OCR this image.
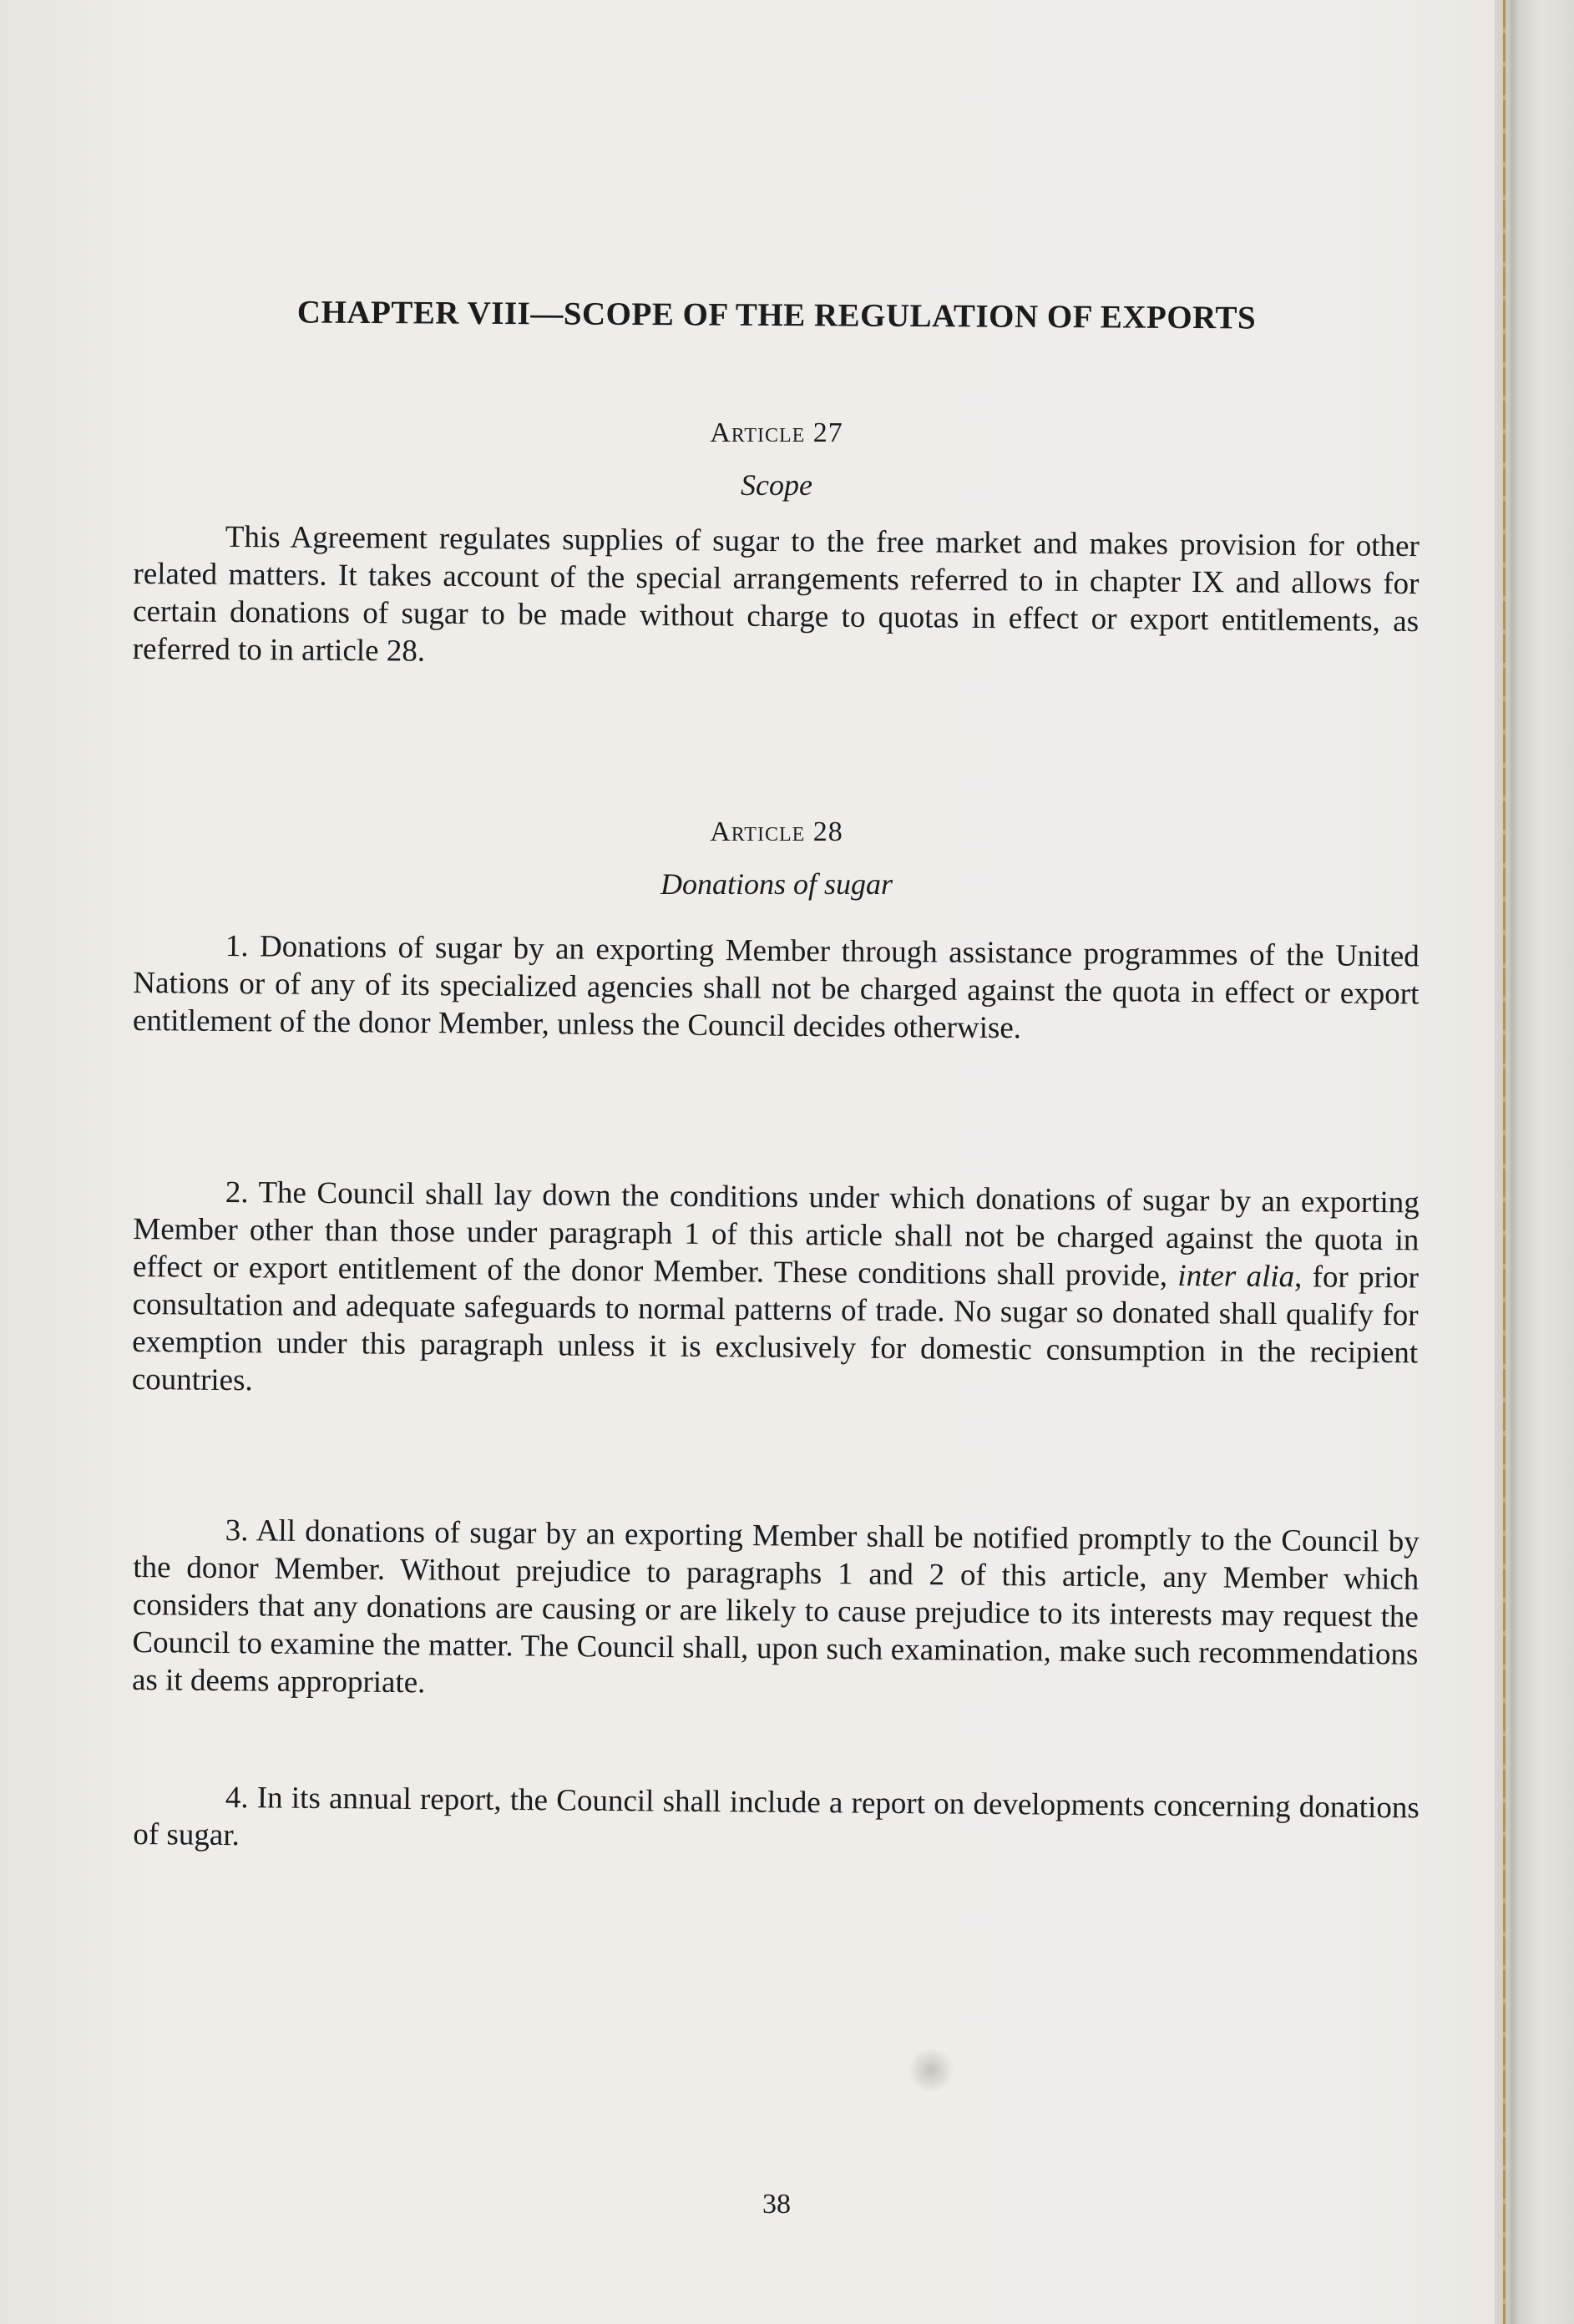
CHAPTER VIII—SCOPE OF THE REGULATION OF EXPORTS
Article 27
Scope

This Agreement regulates supplies of sugar to the free market and makes provision for other related matters. It takes account of the special arrangements referred to in chapter IX and allows for certain donations of sugar to be made without charge to quotas in effect or export entitlements, as referred to in article 28.

Article 28
Donations of sugar

1. Donations of sugar by an exporting Member through assistance programmes of the United Nations or of any of its specialized agencies shall not be charged against the quota in effect or export entitlement of the donor Member, unless the Council decides otherwise.

2. The Council shall lay down the conditions under which donations of sugar by an exporting Member other than those under paragraph 1 of this article shall not be charged against the quota in effect or export entitlement of the donor Member. These conditions shall provide, inter alia, for prior consultation and adequate safeguards to normal patterns of trade. No sugar so donated shall qualify for exemption under this paragraph unless it is exclusively for domestic consumption in the recipient countries.

3. All donations of sugar by an exporting Member shall be notified promptly to the Council by the donor Member. Without prejudice to paragraphs 1 and 2 of this article, any Member which considers that any donations are causing or are likely to cause prejudice to its interests may request the Council to examine the matter. The Council shall, upon such examination, make such recommendations as it deems appropriate.

4. In its annual report, the Council shall include a report on developments concerning donations of sugar.

38
